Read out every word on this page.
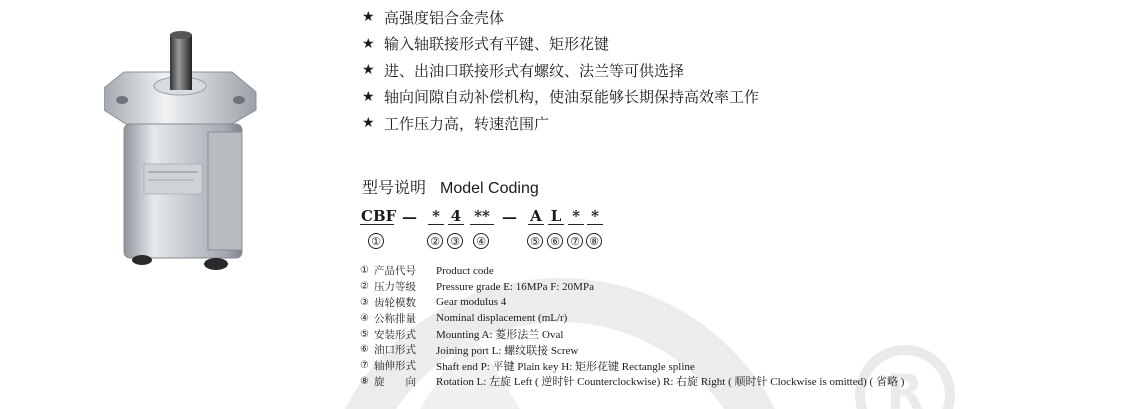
R
★ 高强度铝合金壳体
★ 输入轴联接形式有平键、矩形花键
★ 进、出油口联接形式有螺纹、法兰等可供选择
★ 轴向间隙自动补偿机构，使油泵能够长期保持高效率工作
★ 工作压力高，转速范围广
型号说明 Model Coding
CBF — * 4 ** — A L * *
①	② ③ ④	⑤ ⑥ ⑦ ⑧
① 产品代号	Product code
② 压力等级	Pressure grade E: 16MPa F: 20MPa
③ 齿轮模数	Gear modulus 4
④ 公称排量	Nominal displacement (mL/r)
⑤ 安装形式	Mounting A: 菱形法兰 Oval
⑥ 油口形式	Joining port L: 螺纹联接 Screw
⑦ 轴伸形式	Shaft end P: 平键 Plain key H: 矩形花键 Rectangle spline
⑧ 旋　　向	Rotation L: 左旋 Left ( 逆时针 Counterclockwise) R: 右旋 Right ( 顺时针 Clockwise is omitted) ( 省略 )
